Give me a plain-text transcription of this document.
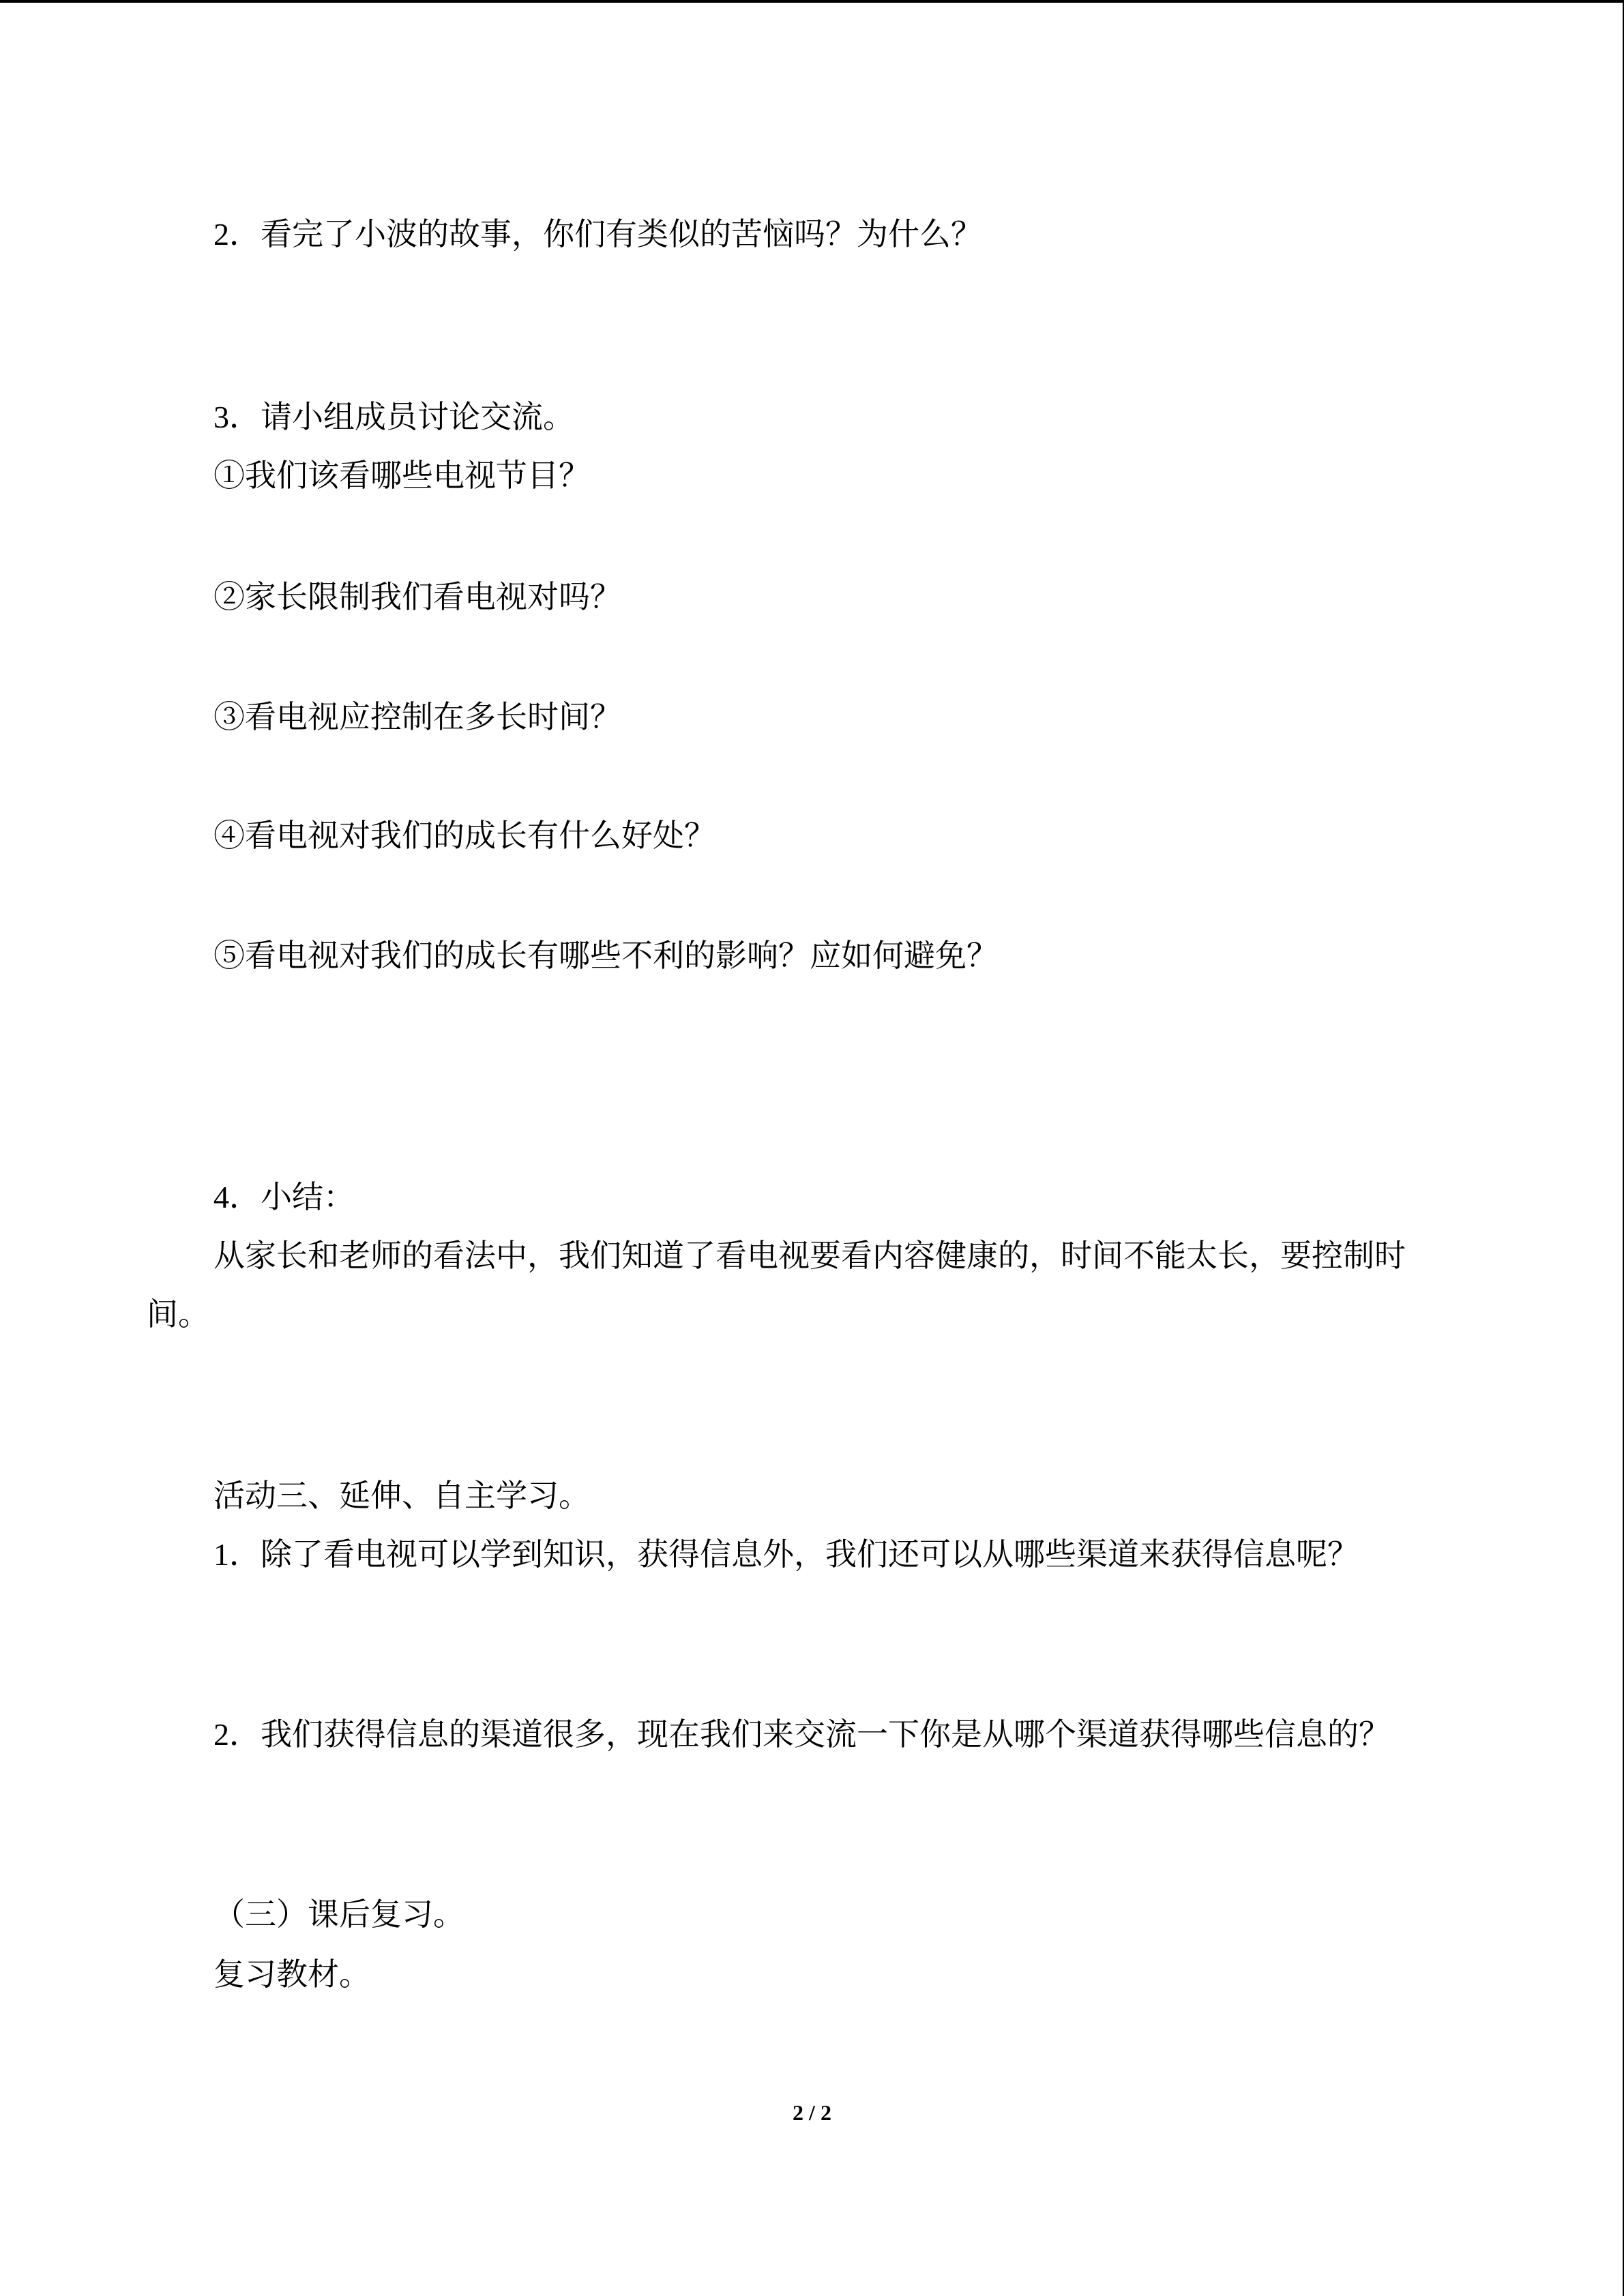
2．看完了小波的故事，你们有类似的苦恼吗？为什么？
3．请小组成员讨论交流。
①我们该看哪些电视节目？
②家长限制我们看电视对吗？
③看电视应控制在多长时间？
④看电视对我们的成长有什么好处？
⑤看电视对我们的成长有哪些不利的影响？应如何避免？
4．小结：
从家长和老师的看法中，我们知道了看电视要看内容健康的，时间不能太长，要控制时
间。
活动三、延伸、自主学习。
1．除了看电视可以学到知识，获得信息外，我们还可以从哪些渠道来获得信息呢？
2．我们获得信息的渠道很多，现在我们来交流一下你是从哪个渠道获得哪些信息的？
（三）课后复习。
复习教材。
2 / 2
